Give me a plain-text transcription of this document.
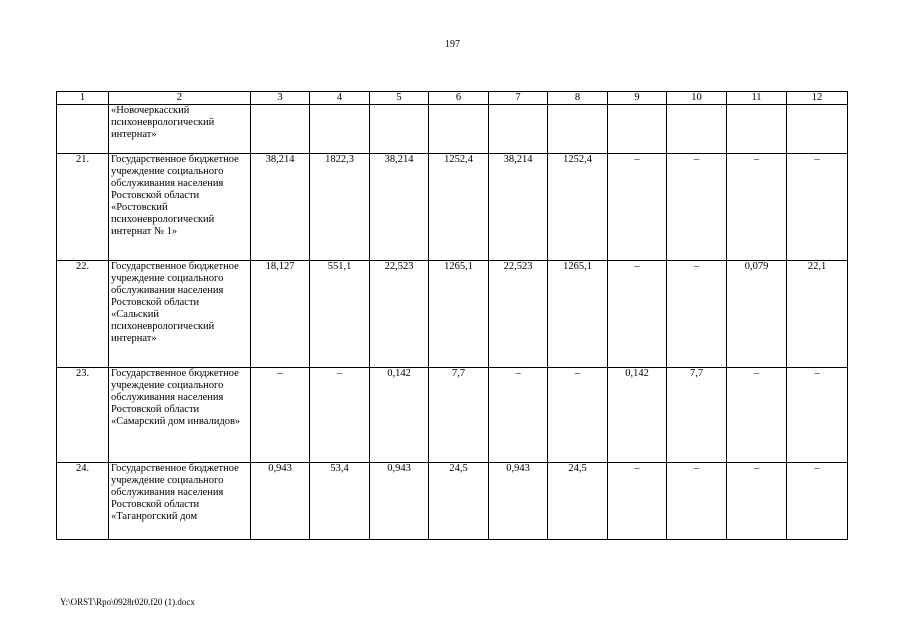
197
1	2	3	4	5	6	7	8	9	10	11	12
	«Новочеркасский психоневрологический интернат»										
21.	Государственное бюджетное учреждение социального обслуживания населения Ростовской области «Ростовский психоневрологический интернат № 1»	38,214	1822,3	38,214	1252,4	38,214	1252,4	–	–	–	–
22.	Государственное бюджетное учреждение социального обслуживания населения Ростовской области «Сальский психоневрологический интернат»	18,127	551,1	22,523	1265,1	22,523	1265,1	–	–	0,079	22,1
23.	Государственное бюджетное учреждение социального обслуживания населения Ростовской области «Самарский дом инвалидов»	–	–	0,142	7,7	–	–	0,142	7,7	–	–
24.	Государственное бюджетное учреждение социального обслуживания населения Ростовской области «Таганрогский дом	0,943	53,4	0,943	24,5	0,943	24,5	–	–	–	–
Y:\ORST\Rpo\0928r020.f20 (1).docx
